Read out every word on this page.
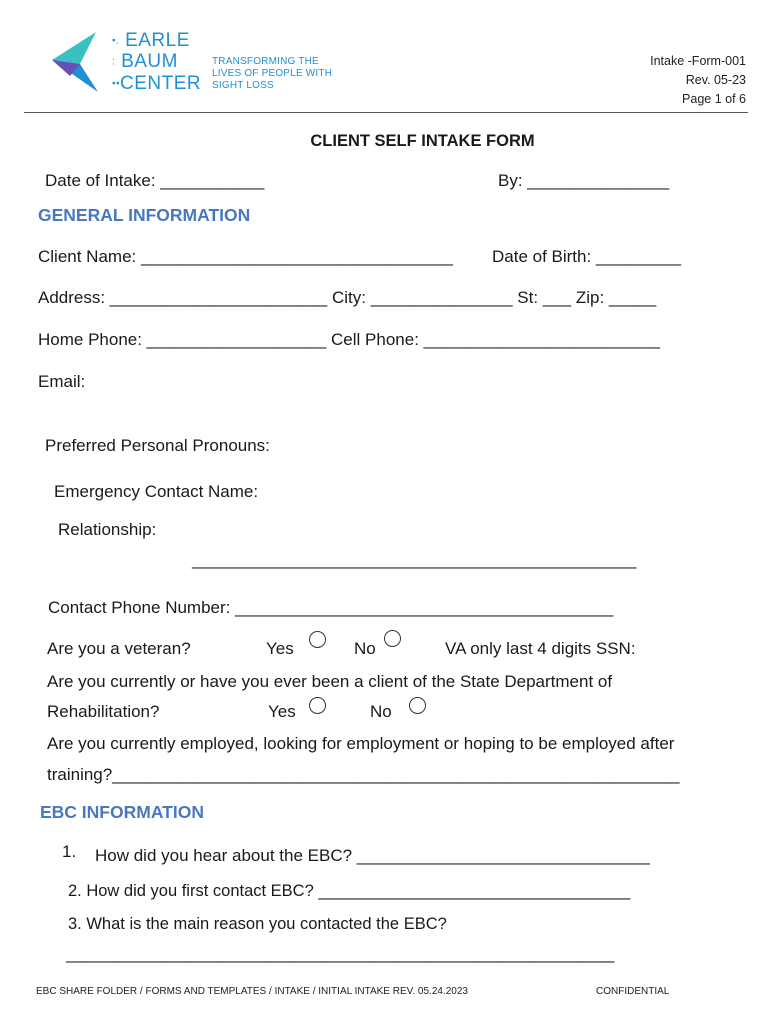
•. EARLE
: BAUM
••CENTER
TRANSFORMING THE
LIVES OF PEOPLE WITH
SIGHT LOSS
Intake -Form-001
Rev. 05-23
Page 1 of 6
CLIENT SELF INTAKE FORM
Date of Intake: ___________	By: _______________
GENERAL INFORMATION
Client Name: _________________________________ Date of Birth: _________
Address: _______________________ City: _______________ St: ___ Zip: _____
Home Phone: ___________________ Cell Phone: _________________________
Email:
Preferred Personal Pronouns:
Emergency Contact Name:
Relationship:
_______________________________________________
Contact Phone Number: ________________________________________
Are you a veteran?	Yes	No	VA only last 4 digits SSN:
Are you currently or have you ever been a client of the State Department of
Rehabilitation?	Yes	No
Are you currently employed, looking for employment or hoping to be employed after
training?____________________________________________________________
EBC INFORMATION
1. How did you hear about the EBC? _______________________________
2. How did you first contact EBC? __________________________________
3. What is the main reason you contacted the EBC?
__________________________________________________________
EBC SHARE FOLDER / FORMS AND TEMPLATES / INTAKE / INITIAL INTAKE REV. 05.24.2023	CONFIDENTIAL
